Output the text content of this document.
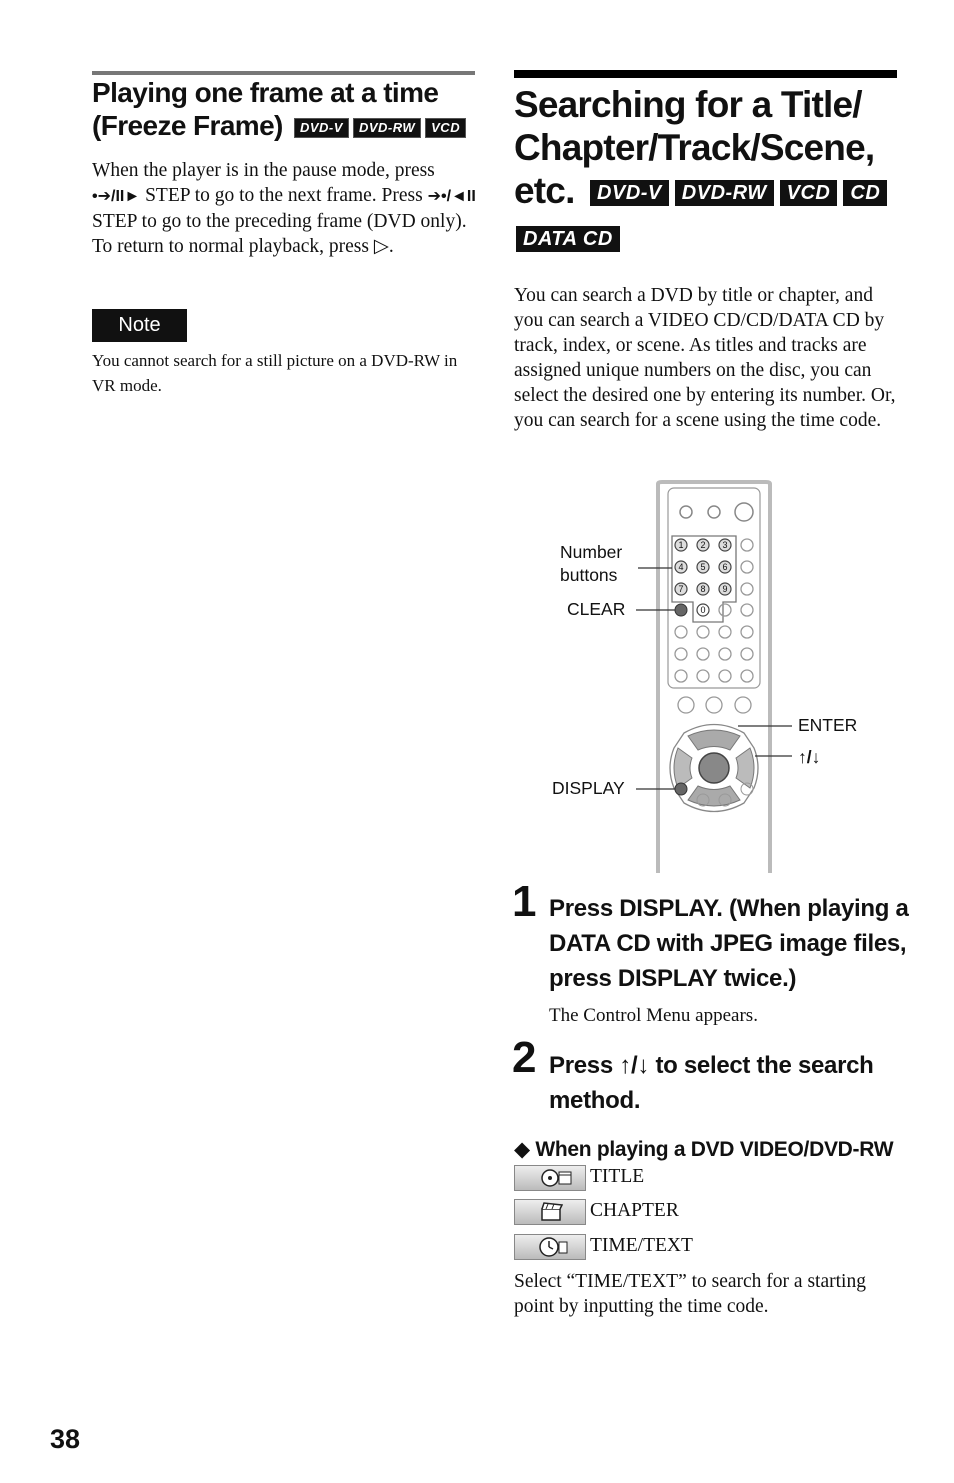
Playing one frame at a time
(Freeze Frame) DVD-V DVD-RW VCD

When the player is in the pause mode, press •➔/II► STEP to go to the next frame. Press ➔•/◄II STEP to go to the preceding frame (DVD only). To return to normal playback, press ▷.

Note

You cannot search for a still picture on a DVD-RW in VR mode.

Searching for a Title/
Chapter/Track/Scene,
etc. DVD-V DVD-RW VCD CD
DATA CD

You can search a DVD by title or chapter, and you can search a VIDEO CD/CD/DATA CD by track, index, or scene. As titles and tracks are assigned unique numbers on the disc, you can select the desired one by entering its number. Or, you can search for a scene using the time code.

1 2 3
4 5 6
7 8 9
0
Number
buttons
CLEAR
DISPLAY
ENTER
↑/↓
1 Press DISPLAY. (When playing a DATA CD with JPEG image files, press DISPLAY twice.)

The Control Menu appears.
2 Press ↑/↓ to select the search method.

◆ When playing a DVD VIDEO/DVD-RW
TITLE
CHAPTER
TIME/TEXT

Select “TIME/TEXT” to search for a starting point by inputting the time code.

38
